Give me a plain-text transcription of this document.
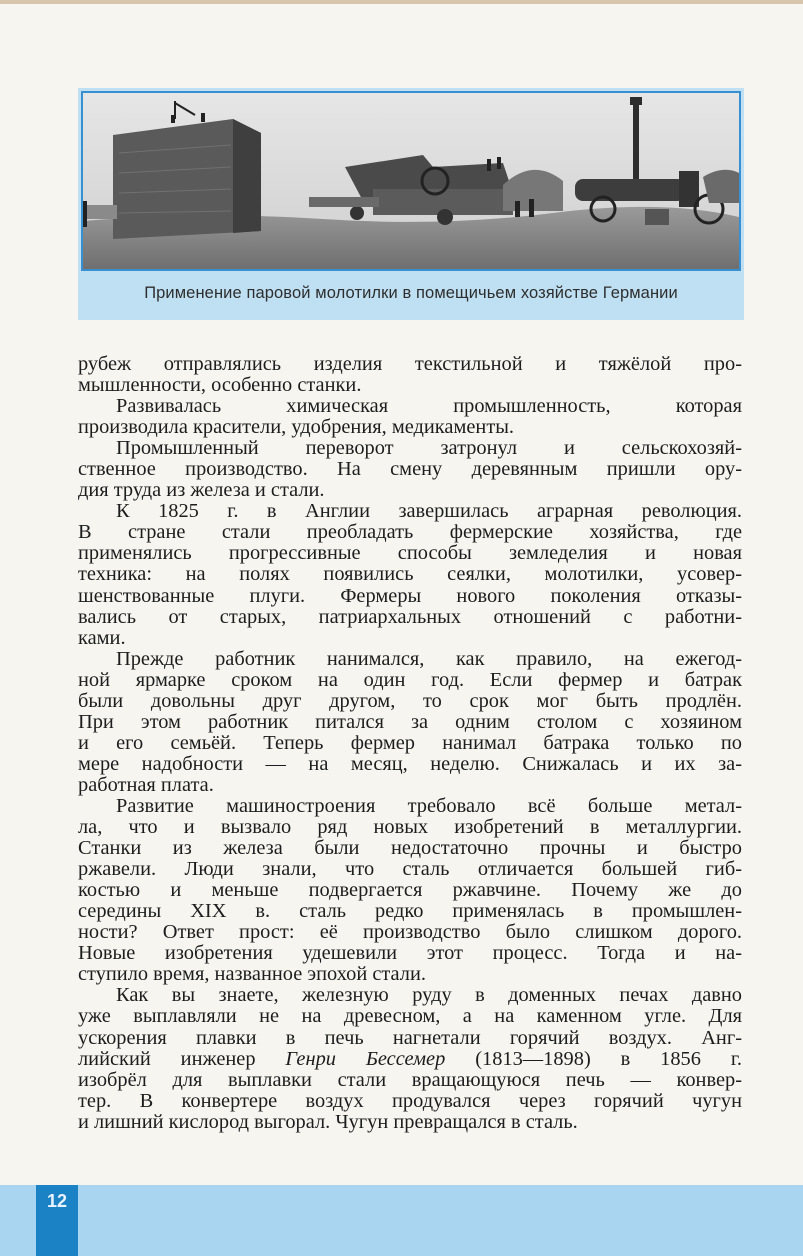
Применение паровой молотилки в помещичьем хозяйстве Германии
рубеж отправлялись изделия текстильной и тяжёлой про-
мышленности, особенно станки.
Развивалась химическая промышленность, которая
производила красители, удобрения, медикаменты.
Промышленный переворот затронул и сельскохозяй-
ственное производство. На смену деревянным пришли ору-
дия труда из железа и стали.
К 1825 г. в Англии завершилась аграрная революция.
В стране стали преобладать фермерские хозяйства, где
применялись прогрессивные способы земледелия и новая
техника: на полях появились сеялки, молотилки, усовер-
шенствованные плуги. Фермеры нового поколения отказы-
вались от старых, патриархальных отношений с работни-
ками.
Прежде работник нанимался, как правило, на ежегод-
ной ярмарке сроком на один год. Если фермер и батрак
были довольны друг другом, то срок мог быть продлён.
При этом работник питался за одним столом с хозяином
и его семьёй. Теперь фермер нанимал батрака только по
мере надобности — на месяц, неделю. Снижалась и их за-
работная плата.
Развитие машиностроения требовало всё больше метал-
ла, что и вызвало ряд новых изобретений в металлургии.
Станки из железа были недостаточно прочны и быстро
ржавели. Люди знали, что сталь отличается большей гиб-
костью и меньше подвергается ржавчине. Почему же до
середины XIX в. сталь редко применялась в промышлен-
ности? Ответ прост: её производство было слишком дорого.
Новые изобретения удешевили этот процесс. Тогда и на-
ступило время, названное эпохой стали.
Как вы знаете, железную руду в доменных печах давно
уже выплавляли не на древесном, а на каменном угле. Для
ускорения плавки в печь нагнетали горячий воздух. Анг-
лийский инженер Генри Бессемер (1813—1898) в 1856 г.
изобрёл для выплавки стали вращающуюся печь — конвер-
тер. В конвертере воздух продувался через горячий чугун
и лишний кислород выгорал. Чугун превращался в сталь.
12
